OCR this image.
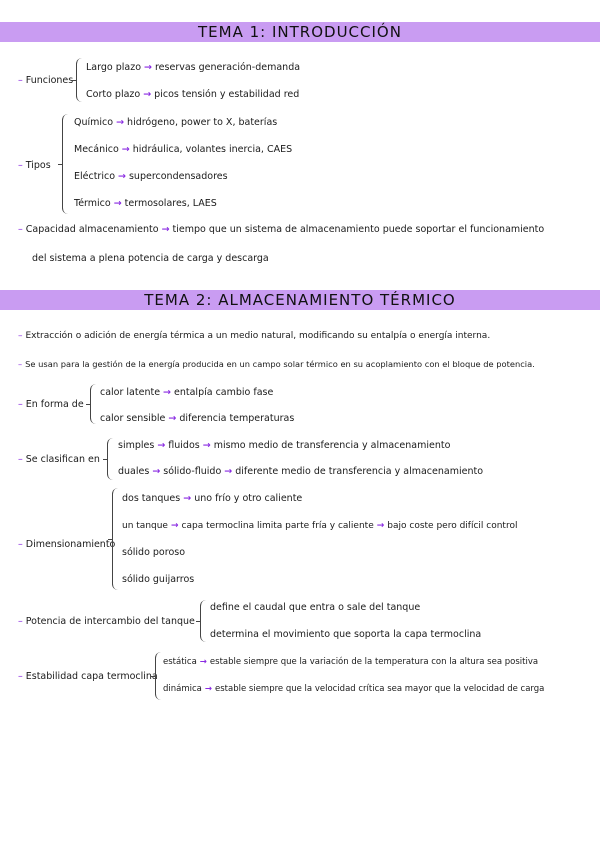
TEMA 1: INTRODUCCIÓN
– Funciones
Largo plazo → reservas generación-demanda
Corto plazo → picos tensión y estabilidad red
– Tipos
Químico → hidrógeno, power to X, baterías
Mecánico → hidráulica, volantes inercia, CAES
Eléctrico → supercondensadores
Térmico → termosolares, LAES
– Capacidad almacenamiento → tiempo que un sistema de almacenamiento puede soportar el funcionamiento
del sistema a plena potencia de carga y descarga
TEMA 2: ALMACENAMIENTO TÉRMICO
– Extracción o adición de energía térmica a un medio natural, modificando su entalpía o energía interna.
– Se usan para la gestión de la energía producida en un campo solar térmico en su acoplamiento con el bloque de potencia.
– En forma de
calor latente → entalpía cambio fase
calor sensible → diferencia temperaturas
– Se clasifican en
simples → fluidos → mismo medio de transferencia y almacenamiento
duales → sólido-fluido → diferente medio de transferencia y almacenamiento
– Dimensionamiento
dos tanques → uno frío y otro caliente
un tanque → capa termoclina limita parte fría y caliente → bajo coste pero difícil control
sólido poroso
sólido guijarros
– Potencia de intercambio del tanque
define el caudal que entra o sale del tanque
determina el movimiento que soporta la capa termoclina
– Estabilidad capa termoclina
estática → estable siempre que la variación de la temperatura con la altura sea positiva
dinámica → estable siempre que la velocidad crítica sea mayor que la velocidad de carga
